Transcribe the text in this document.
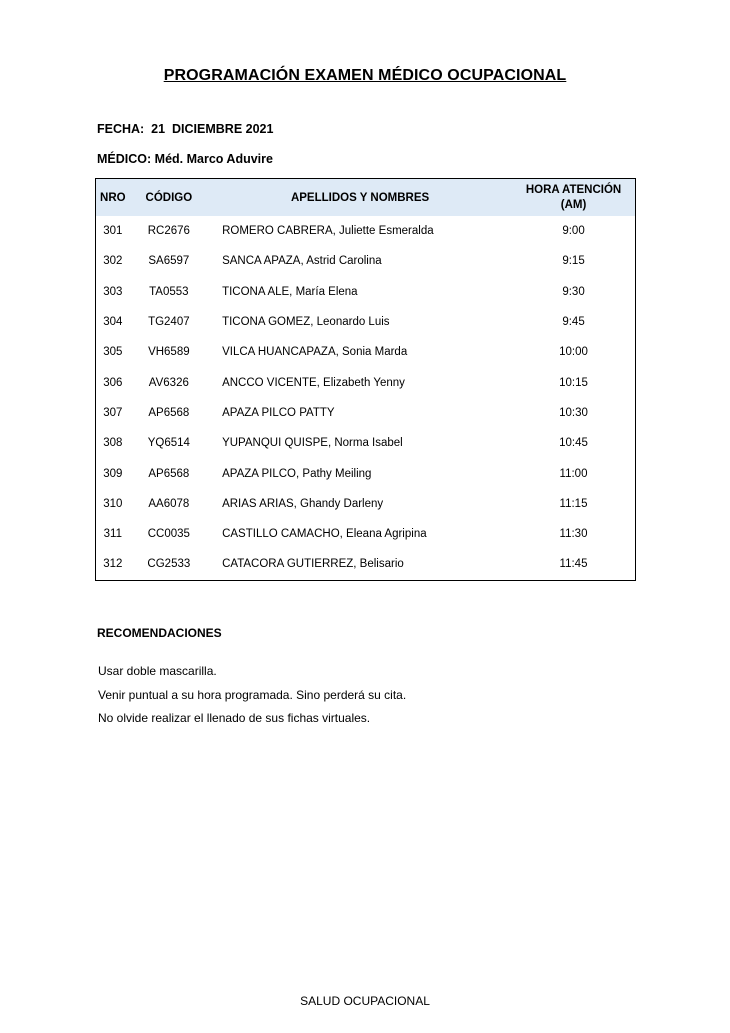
PROGRAMACIÓN EXAMEN MÉDICO OCUPACIONAL
FECHA: 21  DICIEMBRE 2021
MÉDICO: Méd. Marco Aduvire
NRO	CÓDIGO	APELLIDOS Y NOMBRES	HORA ATENCIÓN
(AM)

301	RC2676	ROMERO CABRERA, Juliette Esmeralda	9:00
302	SA6597	SANCA APAZA, Astrid Carolina	9:15
303	TA0553	TICONA ALE, María Elena	9:30
304	TG2407	TICONA GOMEZ, Leonardo Luis	9:45
305	VH6589	VILCA HUANCAPAZA, Sonia Marda	10:00
306	AV6326	ANCCO VICENTE, Elizabeth Yenny	10:15
307	AP6568	APAZA PILCO PATTY	10:30
308	YQ6514	YUPANQUI QUISPE, Norma Isabel	10:45
309	AP6568	APAZA PILCO, Pathy Meiling	11:00
310	AA6078	ARIAS ARIAS, Ghandy Darleny	11:15
311	CC0035	CASTILLO CAMACHO, Eleana Agripina	11:30
312	CG2533	CATACORA GUTIERREZ, Belisario	11:45
RECOMENDACIONES
Usar doble mascarilla.
Venir puntual a su hora programada. Sino perderá su cita.
No olvide realizar el llenado de sus fichas virtuales.
SALUD OCUPACIONAL
